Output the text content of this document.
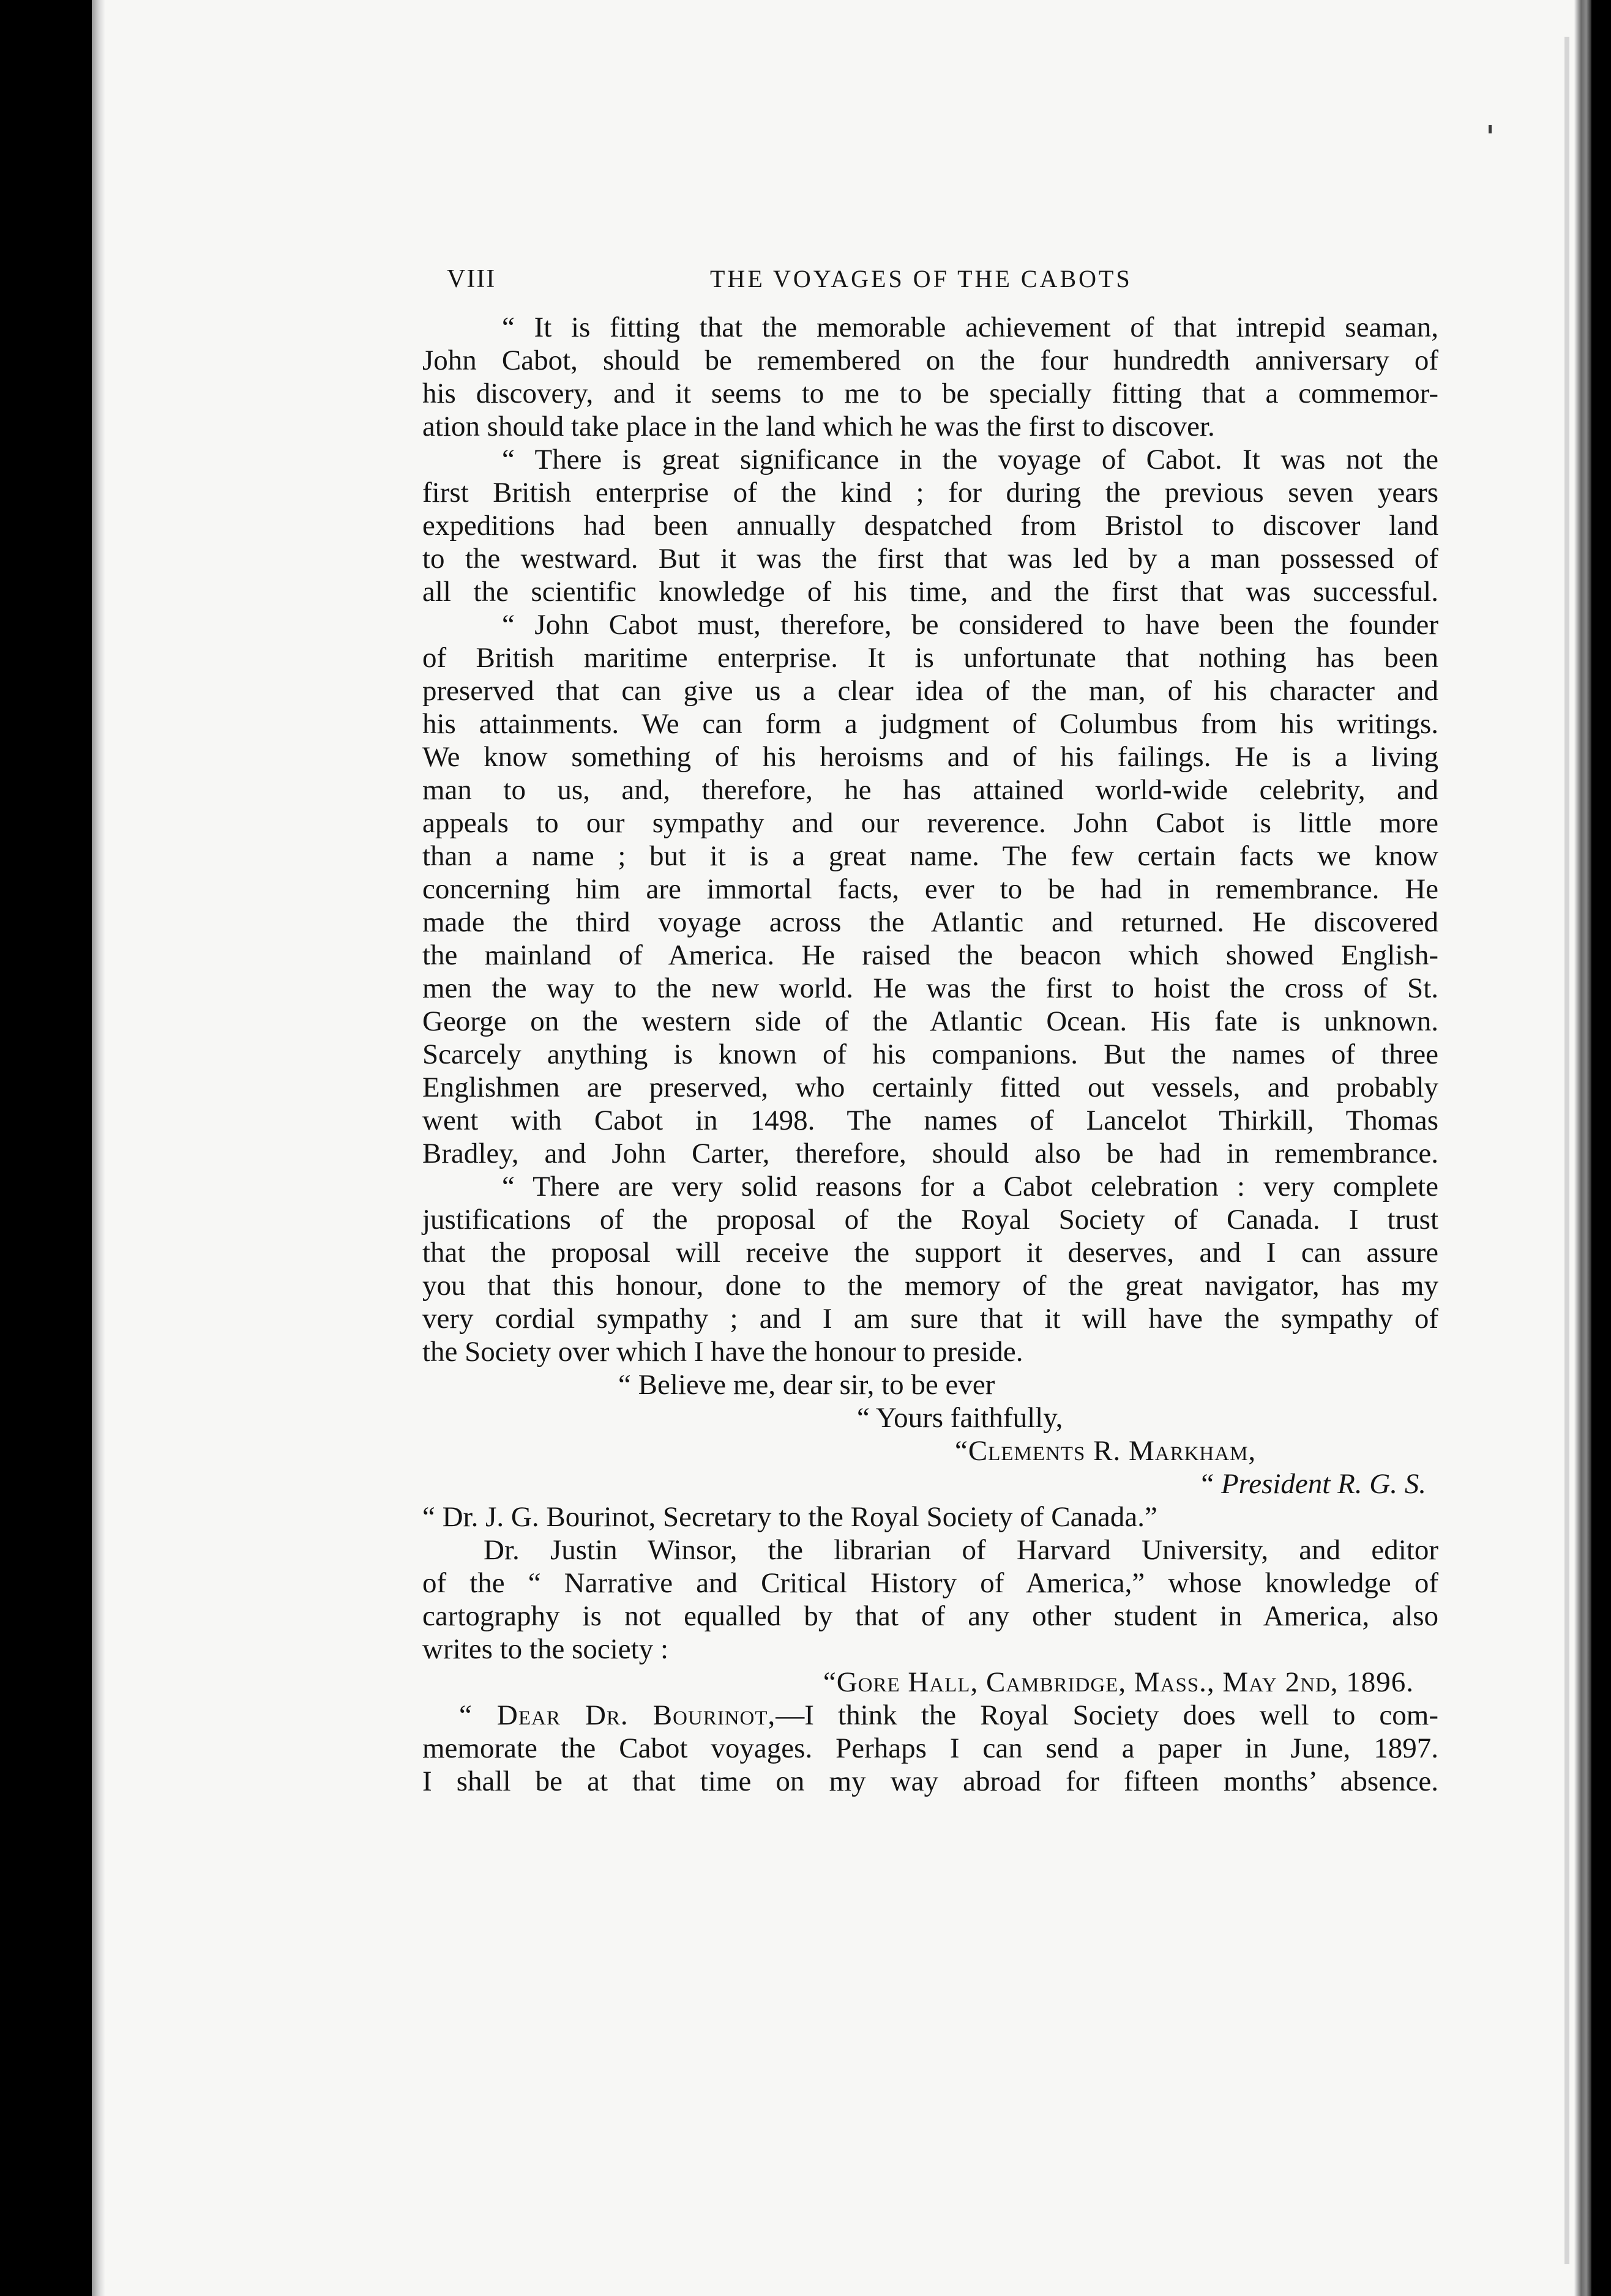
VIII	THE VOYAGES OF THE CABOTS
“ It is fitting that the memorable achievement of that intrepid seaman,
John Cabot, should be remembered on the four hundredth anniversary of
his discovery, and it seems to me to be specially fitting that a commemor-
ation should take place in the land which he was the first to discover.
“ There is great significance in the voyage of Cabot. It was not the
first British enterprise of the kind ; for during the previous seven years
expeditions had been annually despatched from Bristol to discover land
to the westward. But it was the first that was led by a man possessed of
all the scientific knowledge of his time, and the first that was successful.
“ John Cabot must, therefore, be considered to have been the founder
of British maritime enterprise. It is unfortunate that nothing has been
preserved that can give us a clear idea of the man, of his character and
his attainments. We can form a judgment of Columbus from his writings.
We know something of his heroisms and of his failings. He is a living
man to us, and, therefore, he has attained world-wide celebrity, and
appeals to our sympathy and our reverence. John Cabot is little more
than a name ; but it is a great name. The few certain facts we know
concerning him are immortal facts, ever to be had in remembrance. He
made the third voyage across the Atlantic and returned. He discovered
the mainland of America. He raised the beacon which showed English-
men the way to the new world. He was the first to hoist the cross of St.
George on the western side of the Atlantic Ocean. His fate is unknown.
Scarcely anything is known of his companions. But the names of three
Englishmen are preserved, who certainly fitted out vessels, and probably
went with Cabot in 1498. The names of Lancelot Thirkill, Thomas
Bradley, and John Carter, therefore, should also be had in remembrance.
“ There are very solid reasons for a Cabot celebration : very complete
justifications of the proposal of the Royal Society of Canada. I trust
that the proposal will receive the support it deserves, and I can assure
you that this honour, done to the memory of the great navigator, has my
very cordial sympathy ; and I am sure that it will have the sympathy of
the Society over which I have the honour to preside.
“ Believe me, dear sir, to be ever
“ Yours faithfully,
“Clements R. Markham,
“ President R. G. S.
“ Dr. J. G. Bourinot, Secretary to the Royal Society of Canada.”
Dr. Justin Winsor, the librarian of Harvard University, and editor
of the “ Narrative and Critical History of America,” whose knowledge of
cartography is not equalled by that of any other student in America, also
writes to the society :
“Gore Hall, Cambridge, Mass., May 2nd, 1896.
“ Dear Dr. Bourinot,—I think the Royal Society does well to com-
memorate the Cabot voyages. Perhaps I can send a paper in June, 1897.
I shall be at that time on my way abroad for fifteen months’ absence.
